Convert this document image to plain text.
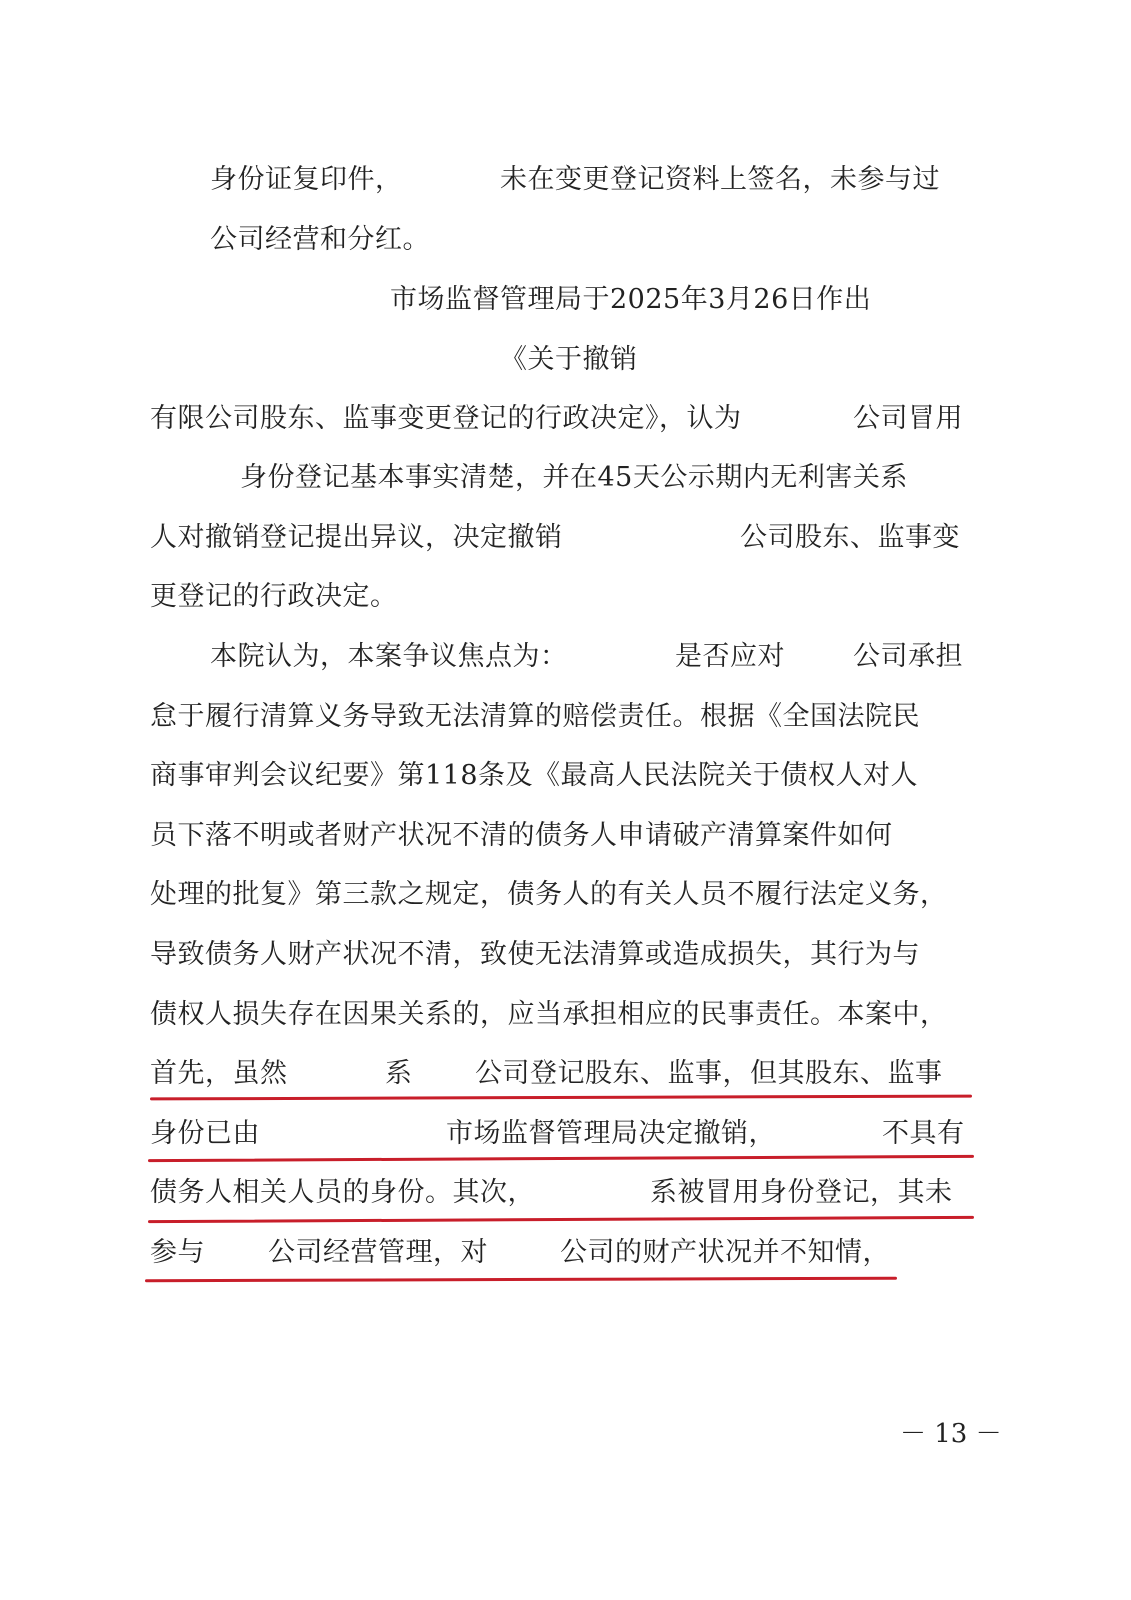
身份证复印件，	未在变更登记资料上签名，未参与过
公司经营和分红。
市场监督管理局于2025年3月26日作出
《关于撤销
有限公司股东、监事变更登记的行政决定》，认为	公司冒用
身份登记基本事实清楚，并在45天公示期内无利害关系
人对撤销登记提出异议，决定撤销	公司股东、监事变
更登记的行政决定。
本院认为，本案争议焦点为：	是否应对	公司承担
怠于履行清算义务导致无法清算的赔偿责任。根据《全国法院民
商事审判会议纪要》第118条及《最高人民法院关于债权人对人
员下落不明或者财产状况不清的债务人申请破产清算案件如何
处理的批复》第三款之规定，债务人的有关人员不履行法定义务，
导致债务人财产状况不清，致使无法清算或造成损失，其行为与
债权人损失存在因果关系的，应当承担相应的民事责任。本案中，
首先，虽然	系 公司登记股东、监事，但其股东、监事
身份已由	市场监督管理局决定撤销，	不具有
债务人相关人员的身份。其次，	系被冒用身份登记，其未
参与 公司经营管理，对	公司的财产状况并不知情，
－ 13 －
